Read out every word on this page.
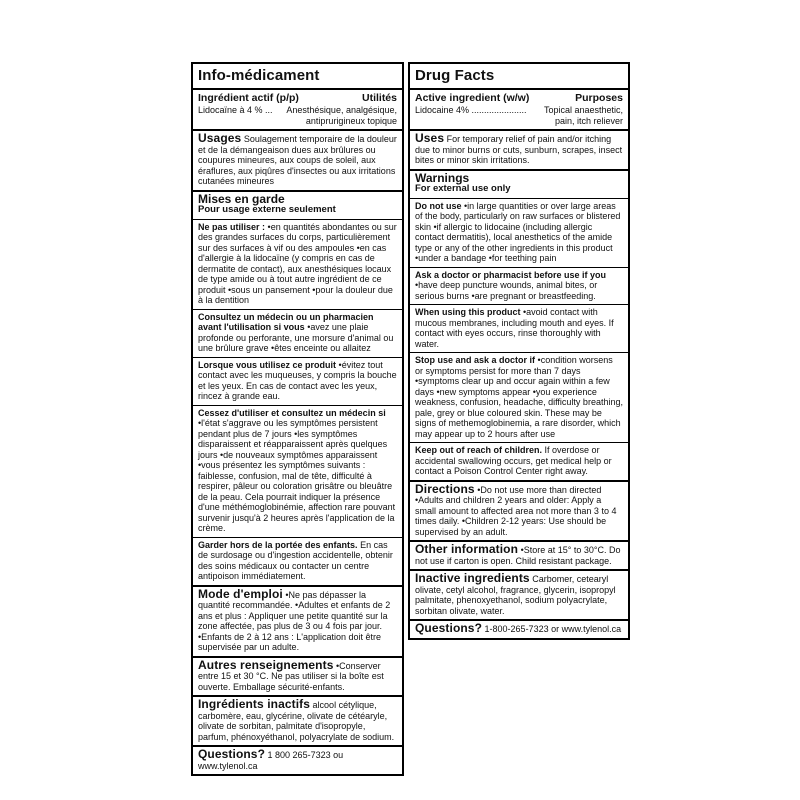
Info-médicament
Ingrédient actif (p/p)	Utilités
Lidocaïne à 4 % ...	Anesthésique, analgésique, antiprurigineux topique
Usages Soulagement temporaire de la douleur et de la démangeaison dues aux brûlures ou coupures mineures, aux coups de soleil, aux éraflures, aux piqûres d'insectes ou aux irritations cutanées mineures
Mises en garde
Pour usage externe seulement
Ne pas utiliser : •en quantités abondantes ou sur des grandes surfaces du corps, particulièrement sur des surfaces à vif ou des ampoules •en cas d'allergie à la lidocaïne (y compris en cas de dermatite de contact), aux anesthésiques locaux de type amide ou à tout autre ingrédient de ce produit •sous un pansement •pour la douleur due à la dentition
Consultez un médecin ou un pharmacien avant l'utilisation si vous •avez une plaie profonde ou perforante, une morsure d'animal ou une brûlure grave •êtes enceinte ou allaitez
Lorsque vous utilisez ce produit •évitez tout contact avec les muqueuses, y compris la bouche et les yeux. En cas de contact avec les yeux, rincez à grande eau.
Cessez d'utiliser et consultez un médecin si •l'état s'aggrave ou les symptômes persistent pendant plus de 7 jours •les symptômes disparaissent et réapparaissent après quelques jours •de nouveaux symptômes apparaissent •vous présentez les symptômes suivants : faiblesse, confusion, mal de tête, difficulté à respirer, pâleur ou coloration grisâtre ou bleuâtre de la peau. Cela pourrait indiquer la présence d'une méthémoglobinémie, affection rare pouvant survenir jusqu'à 2 heures après l'application de la crème.
Garder hors de la portée des enfants. En cas de surdosage ou d'ingestion accidentelle, obtenir des soins médicaux ou contacter un centre antipoison immédiatement.
Mode d'emploi •Ne pas dépasser la quantité recommandée. •Adultes et enfants de 2 ans et plus : Appliquer une petite quantité sur la zone affectée, pas plus de 3 ou 4 fois par jour. •Enfants de 2 à 12 ans : L'application doit être supervisée par un adulte.
Autres renseignements •Conserver entre 15 et 30 °C. Ne pas utiliser si la boîte est ouverte. Emballage sécurité-enfants.
Ingrédients inactifs alcool cétylique, carbomère, eau, glycérine, olivate de cétéaryle, olivate de sorbitan, palmitate d'isopropyle, parfum, phénoxyéthanol, polyacrylate de sodium.
Questions? 1 800 265-7323 ou www.tylenol.ca
Drug Facts
Active ingredient (w/w)	Purposes
Lidocaine 4% ......................	Topical anaesthetic, pain, itch reliever
Uses For temporary relief of pain and/or itching due to minor burns or cuts, sunburn, scrapes, insect bites or minor skin irritations.
Warnings
For external use only
Do not use •in large quantities or over large areas of the body, particularly on raw surfaces or blistered skin •if allergic to lidocaine (including allergic contact dermatitis), local anesthetics of the amide type or any of the other ingredients in this product •under a bandage •for teething pain
Ask a doctor or pharmacist before use if you •have deep puncture wounds, animal bites, or serious burns •are pregnant or breastfeeding.
When using this product •avoid contact with mucous membranes, including mouth and eyes. If contact with eyes occurs, rinse thoroughly with water.
Stop use and ask a doctor if •condition worsens or symptoms persist for more than 7 days •symptoms clear up and occur again within a few days •new symptoms appear •you experience weakness, confusion, headache, difficulty breathing, pale, grey or blue coloured skin. These may be signs of methemoglobinemia, a rare disorder, which may appear up to 2 hours after use
Keep out of reach of children. If overdose or accidental swallowing occurs, get medical help or contact a Poison Control Center right away.
Directions •Do not use more than directed •Adults and children 2 years and older: Apply a small amount to affected area not more than 3 to 4 times daily. •Children 2-12 years: Use should be supervised by an adult.
Other information •Store at 15° to 30°C. Do not use if carton is open. Child resistant package.
Inactive ingredients Carbomer, cetearyl olivate, cetyl alcohol, fragrance, glycerin, isopropyl palmitate, phenoxyethanol, sodium polyacrylate, sorbitan olivate, water.
Questions? 1-800-265-7323 or www.tylenol.ca
